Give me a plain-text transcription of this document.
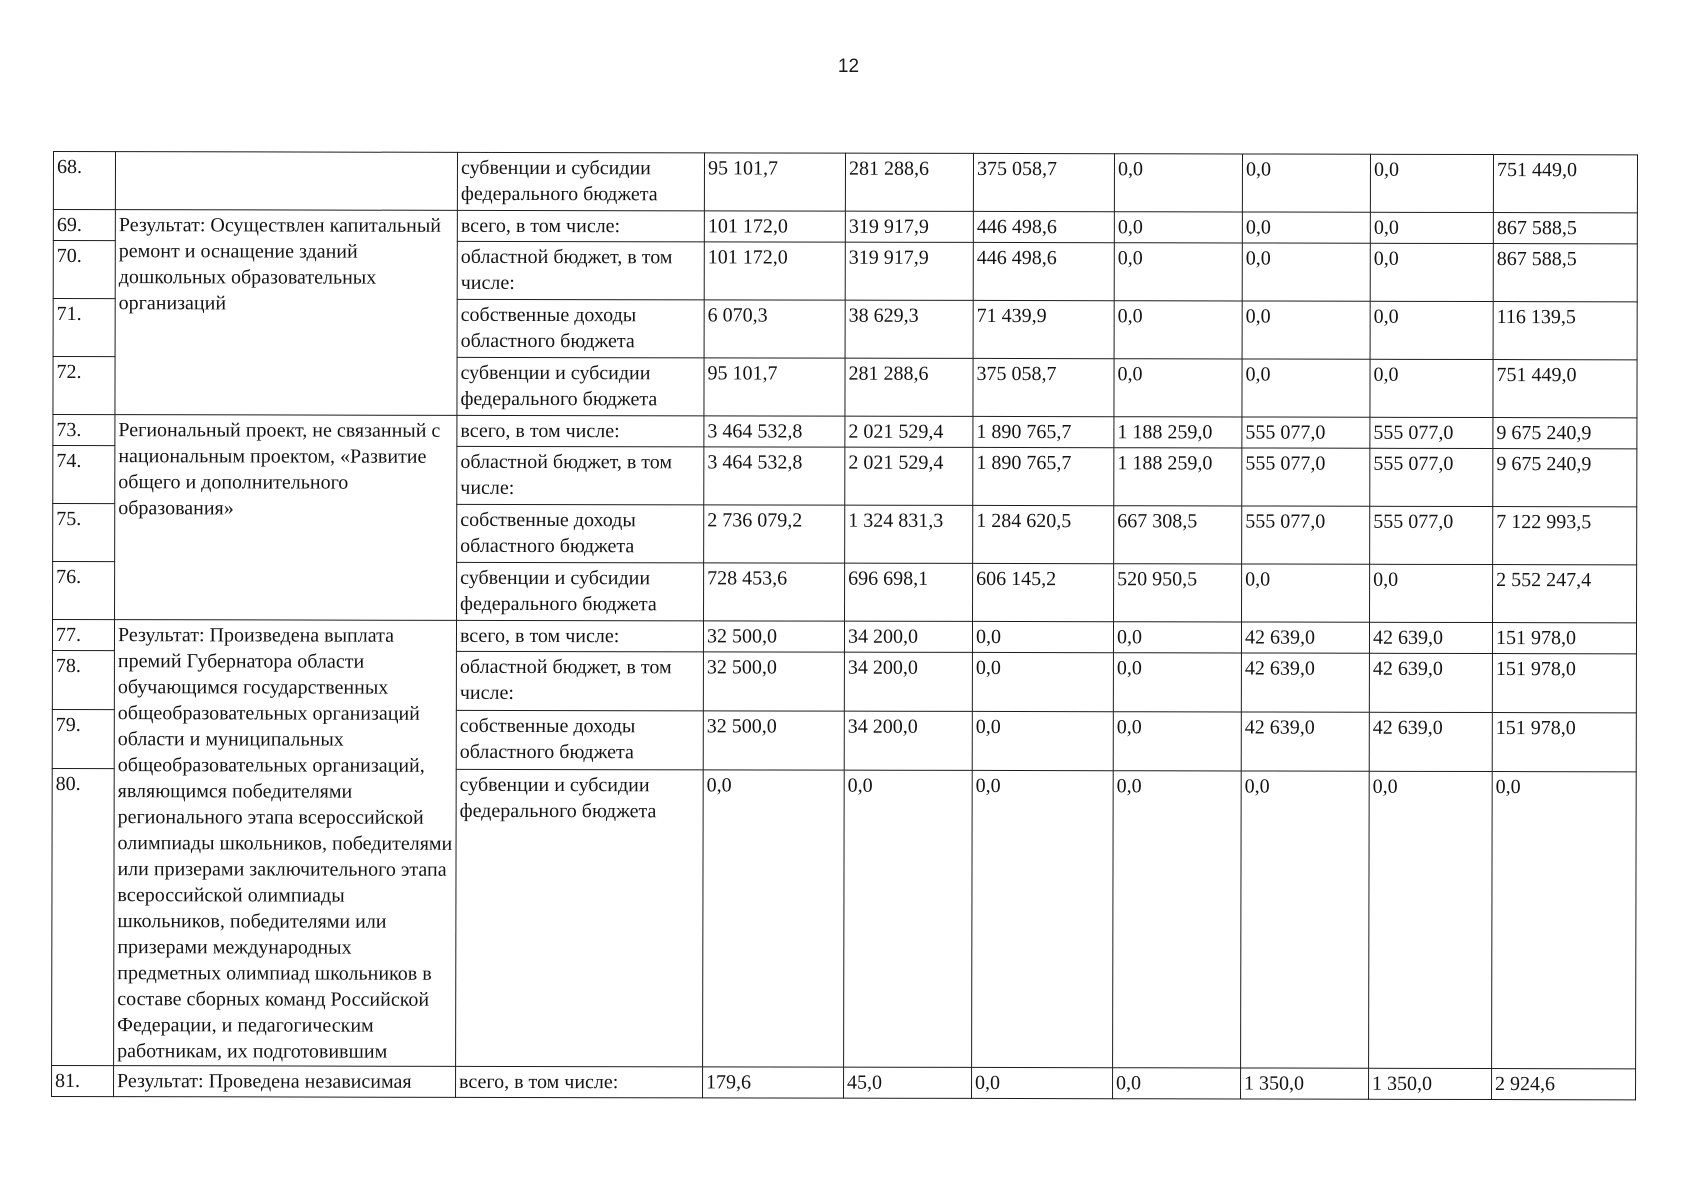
12
68.		субвенции и субсидии федерального бюджета	95 101,7	281 288,6	375 058,7	0,0	0,0	0,0	751 449,0
69.	Результат: Осуществлен капитальный ремонт и оснащение зданий дошкольных образовательных организаций	всего, в том числе:	101 172,0	319 917,9	446 498,6	0,0	0,0	0,0	867 588,5
70.		областной бюджет, в том числе:	101 172,0	319 917,9	446 498,6	0,0	0,0	0,0	867 588,5
71.		собственные доходы областного бюджета	6 070,3	38 629,3	71 439,9	0,0	0,0	0,0	116 139,5
72.		субвенции и субсидии федерального бюджета	95 101,7	281 288,6	375 058,7	0,0	0,0	0,0	751 449,0
73.	Региональный проект, не связанный с национальным проектом, «Развитие общего и дополнительного образования»	всего, в том числе:	3 464 532,8	2 021 529,4	1 890 765,7	1 188 259,0	555 077,0	555 077,0	9 675 240,9
74.		областной бюджет, в том числе:	3 464 532,8	2 021 529,4	1 890 765,7	1 188 259,0	555 077,0	555 077,0	9 675 240,9
75.		собственные доходы областного бюджета	2 736 079,2	1 324 831,3	1 284 620,5	667 308,5	555 077,0	555 077,0	7 122 993,5
76.		субвенции и субсидии федерального бюджета	728 453,6	696 698,1	606 145,2	520 950,5	0,0	0,0	2 552 247,4
77.	Результат: Произведена выплата премий Губернатора области обучающимся государственных общеобразовательных организаций области и муниципальных общеобразовательных организаций, являющимся победителями регионального этапа всероссийской олимпиады школьников, победителями или призерами заключительного этапа всероссийской олимпиады школьников, победителями или призерами международных предметных олимпиад школьников в составе сборных команд Российской Федерации, и педагогическим работникам, их подготовившим	всего, в том числе:	32 500,0	34 200,0	0,0	0,0	42 639,0	42 639,0	151 978,0
78.		областной бюджет, в том числе:	32 500,0	34 200,0	0,0	0,0	42 639,0	42 639,0	151 978,0
79.		собственные доходы областного бюджета	32 500,0	34 200,0	0,0	0,0	42 639,0	42 639,0	151 978,0
80.		субвенции и субсидии федерального бюджета	0,0	0,0	0,0	0,0	0,0	0,0	0,0
81.	Результат: Проведена независимая	всего, в том числе:	179,6	45,0	0,0	0,0	1 350,0	1 350,0	2 924,6
